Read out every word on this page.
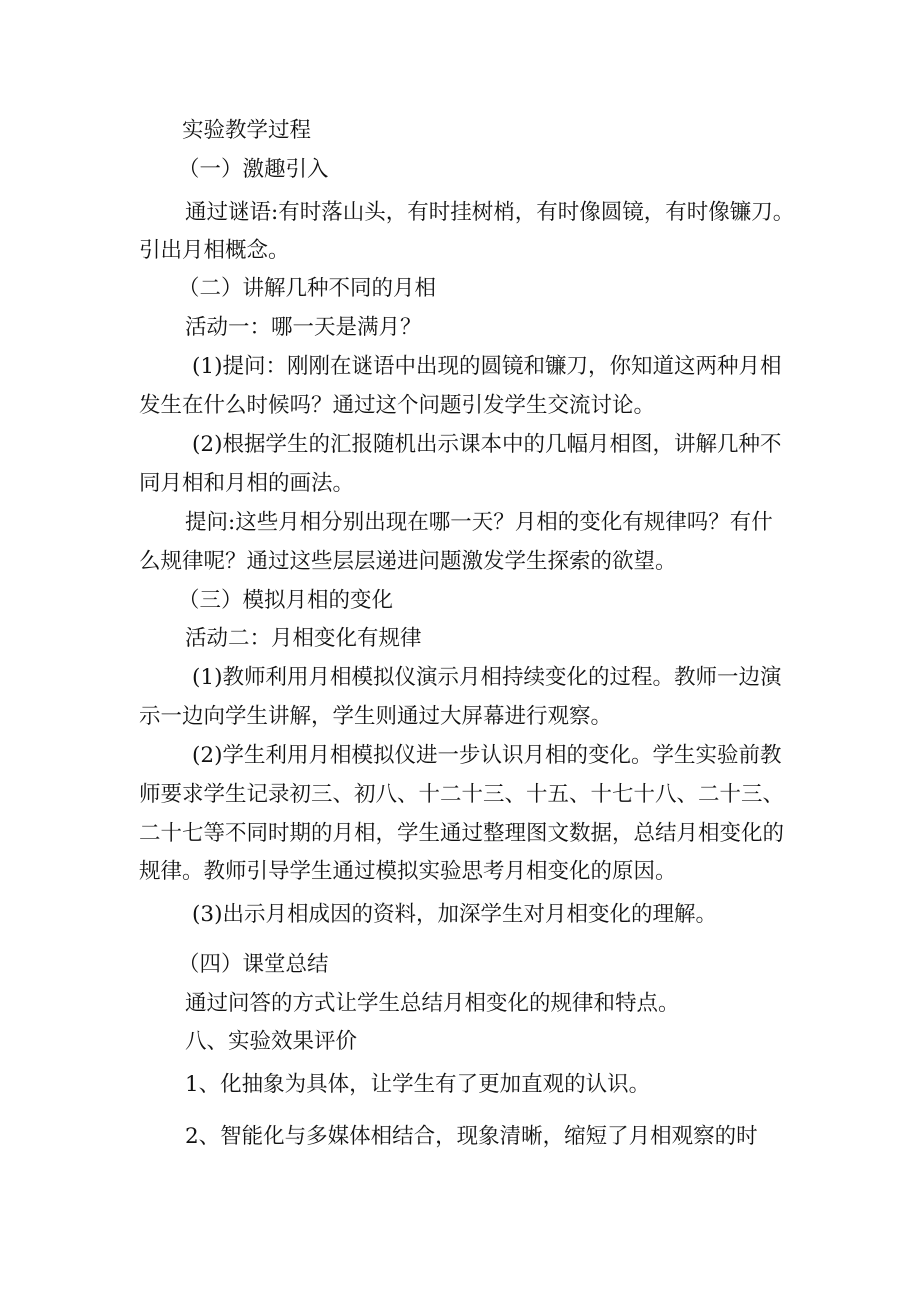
实验教学过程
（一）激趣引入
通过谜语:有时落山头，有时挂树梢，有时像圆镜，有时像镰刀。
引出月相概念。
（二）讲解几种不同的月相
活动一：哪一天是满月？
(1)提问：刚刚在谜语中出现的圆镜和镰刀，你知道这两种月相
发生在什么时候吗？通过这个问题引发学生交流讨论。
(2)根据学生的汇报随机出示课本中的几幅月相图，讲解几种不
同月相和月相的画法。
提问:这些月相分别出现在哪一天？月相的变化有规律吗？有什
么规律呢？通过这些层层递进问题激发学生探索的欲望。
（三）模拟月相的变化
活动二：月相变化有规律
(1)教师利用月相模拟仪演示月相持续变化的过程。教师一边演
示一边向学生讲解，学生则通过大屏幕进行观察。
(2)学生利用月相模拟仪进一步认识月相的变化。学生实验前教
师要求学生记录初三、初八、十二十三、十五、十七十八、二十三、
二十七等不同时期的月相，学生通过整理图文数据，总结月相变化的
规律。教师引导学生通过模拟实验思考月相变化的原因。
(3)出示月相成因的资料，加深学生对月相变化的理解。
（四）课堂总结
通过问答的方式让学生总结月相变化的规律和特点。
八、实验效果评价
1、化抽象为具体，让学生有了更加直观的认识。
2、智能化与多媒体相结合，现象清晰，缩短了月相观察的时
